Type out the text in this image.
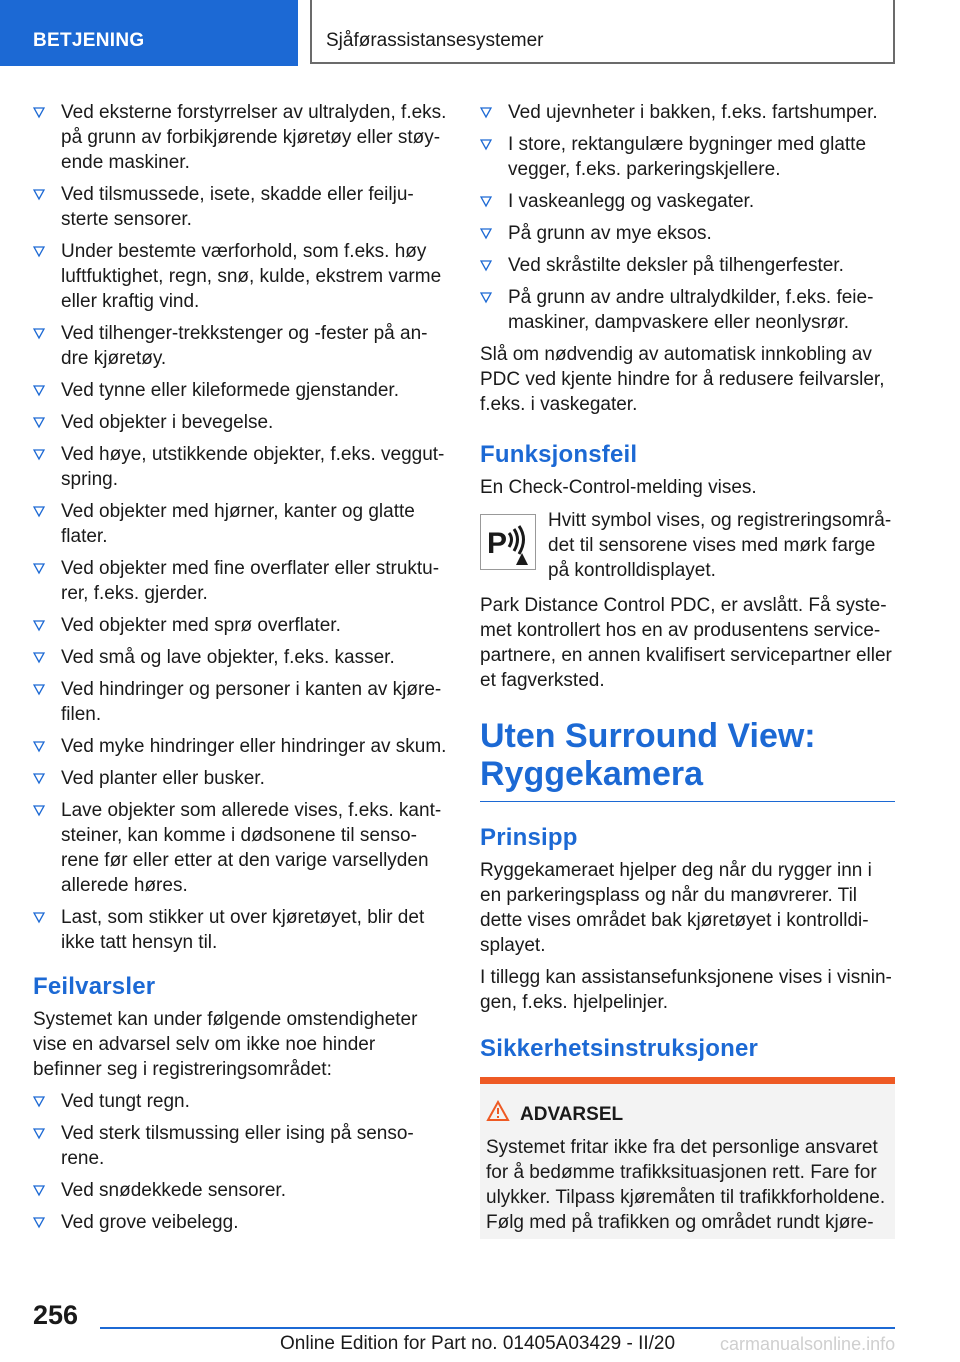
BETJENING	Sjåførassistansesystemer
Ved eksterne forstyrrelser av ultralyden, f.eks. på grunn av forbikjørende kjøretøy eller støy- ende maskiner.
Ved tilsmussede, isete, skadde eller feilju- sterte sensorer.
Under bestemte værforhold, som f.eks. høy luftfuktighet, regn, snø, kulde, ekstrem varme eller kraftig vind.
Ved tilhenger-trekkstenger og -fester på an- dre kjøretøy.
Ved tynne eller kileformede gjenstander.
Ved objekter i bevegelse.
Ved høye, utstikkende objekter, f.eks. veggut- spring.
Ved objekter med hjørner, kanter og glatte flater.
Ved objekter med fine overflater eller struktu- rer, f.eks. gjerder.
Ved objekter med sprø overflater.
Ved små og lave objekter, f.eks. kasser.
Ved hindringer og personer i kanten av kjøre- filen.
Ved myke hindringer eller hindringer av skum.
Ved planter eller busker.
Lave objekter som allerede vises, f.eks. kant- steiner, kan komme i dødsonene til senso- rene før eller etter at den varige varsellyden allerede høres.
Last, som stikker ut over kjøretøyet, blir det ikke tatt hensyn til.
Feilvarsler

Systemet kan under følgende omstendigheter vise en advarsel selv om ikke noe hinder befinner seg i registreringsområdet:

Ved tungt regn.
Ved sterk tilsmussing eller ising på senso- rene.
Ved snødekkede sensorer.
Ved grove veibelegg.
Ved ujevnheter i bakken, f.eks. fartshumper.
I store, rektangulære bygninger med glatte vegger, f.eks. parkeringskjellere.
I vaskeanlegg og vaskegater.
På grunn av mye eksos.
Ved skråstilte deksler på tilhengerfester.
På grunn av andre ultralydkilder, f.eks. feie- maskiner, dampvaskere eller neonlysrør.

Slå om nødvendig av automatisk innkobling av PDC ved kjente hindre for å redusere feilvarsler, f.eks. i vaskegater.

Funksjonsfeil

En Check-Control-melding vises.

P
Hvitt symbol vises, og registreringsområ- det til sensorene vises med mørk farge på kontrolldisplayet.

Park Distance Control PDC, er avslått. Få syste- met kontrollert hos en av produsentens service- partnere, en annen kvalifisert servicepartner eller et fagverksted.

Uten Surround View:
Ryggekamera
Prinsipp

Ryggekameraet hjelper deg når du rygger inn i en parkeringsplass og når du manøvrerer. Til dette vises området bak kjøretøyet i kontrolldi- splayet.

I tillegg kan assistansefunksjonene vises i visnin- gen, f.eks. hjelpelinjer.

Sikkerhetsinstruksjoner
ADVARSEL
Systemet fritar ikke fra det personlige ansvaret for å bedømme trafikksituasjonen rett. Fare for ulykker. Tilpass kjøremåten til trafikkforholdene. Følg med på trafikken og området rundt kjøre-
256
Online Edition for Part no. 01405A03429 - II/20 carmanualsonline.info
